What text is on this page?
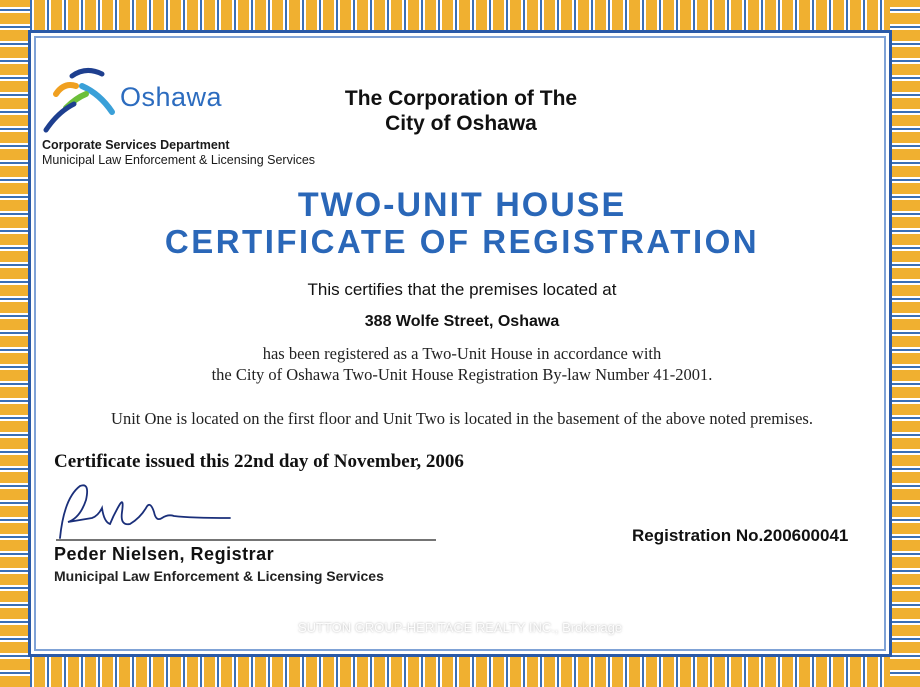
Oshawa
Corporate Services Department
Municipal Law Enforcement & Licensing Services
The Corporation of The
City of Oshawa
TWO-UNIT HOUSE
CERTIFICATE OF REGISTRATION
This certifies that the premises located at
388 Wolfe Street, Oshawa
has been registered as a Two-Unit House in accordance with
the City of Oshawa Two-Unit House Registration By-law Number 41-2001.
Unit One is located on the first floor and Unit Two is located in the basement of the above noted premises.
Certificate issued this 22nd day of November, 2006
Peder Nielsen, Registrar
Municipal Law Enforcement & Licensing Services
Registration No.200600041
SUTTON GROUP-HERITAGE REALTY INC., Brokerage
